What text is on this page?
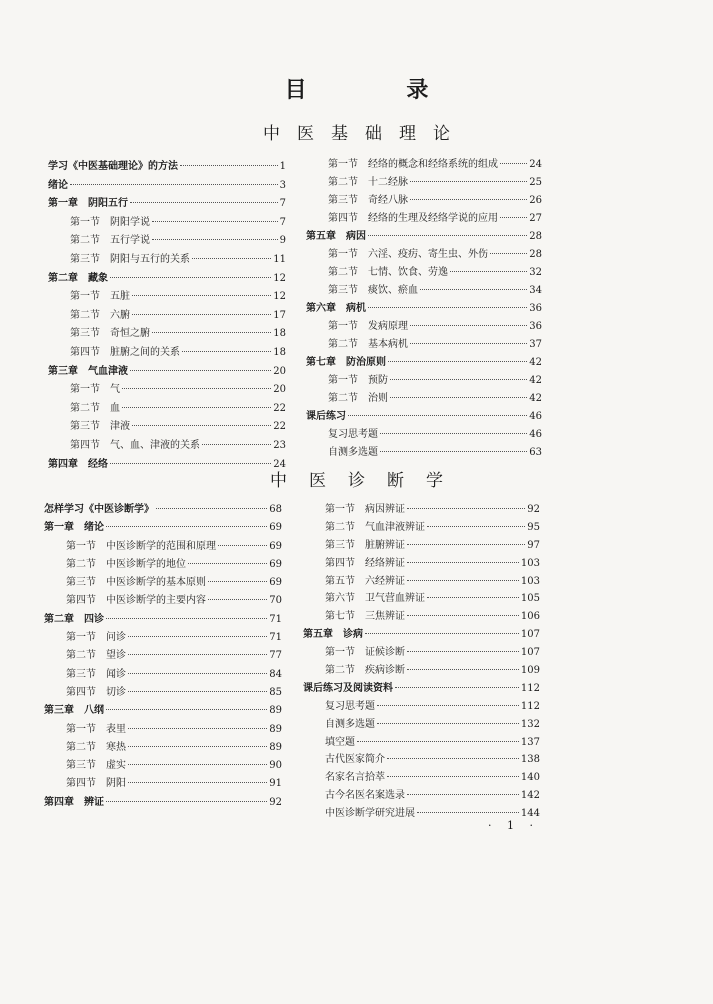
目 录
中医基础理论
中医诊断学
学习《中医基础理论》的方法	1
绪论	3
第一章 阴阳五行	7
第一节 阴阳学说	7
第二节 五行学说	9
第三节 阴阳与五行的关系	11
第二章 藏象	12
第一节 五脏	12
第二节 六腑	17
第三节 奇恒之腑	18
第四节 脏腑之间的关系	18
第三章 气血津液	20
第一节 气	20
第二节 血	22
第三节 津液	22
第四节 气、血、津液的关系	23
第四章 经络	24
第一节 经络的概念和经络系统的组成	24
第二节 十二经脉	25
第三节 奇经八脉	26
第四节 经络的生理及经络学说的应用	27
第五章 病因	28
第一节 六淫、疫疠、寄生虫、外伤	28
第二节 七情、饮食、劳逸	32
第三节 痰饮、瘀血	34
第六章 病机	36
第一节 发病原理	36
第二节 基本病机	37
第七章 防治原则	42
第一节 预防	42
第二节 治则	42
课后练习	46
复习思考题	46
自测多选题	63
怎样学习《中医诊断学》	68
第一章 绪论	69
第一节 中医诊断学的范围和原理	69
第二节 中医诊断学的地位	69
第三节 中医诊断学的基本原则	69
第四节 中医诊断学的主要内容	70
第二章 四诊	71
第一节 问诊	71
第二节 望诊	77
第三节 闻诊	84
第四节 切诊	85
第三章 八纲	89
第一节 表里	89
第二节 寒热	89
第三节 虚实	90
第四节 阴阳	91
第四章 辨证	92
第一节 病因辨证	92
第二节 气血津液辨证	95
第三节 脏腑辨证	97
第四节 经络辨证	103
第五节 六经辨证	103
第六节 卫气营血辨证	105
第七节 三焦辨证	106
第五章 诊病	107
第一节 证候诊断	107
第二节 疾病诊断	109
课后练习及阅读资料	112
复习思考题	112
自测多选题	132
填空题	137
古代医家简介	138
名家名言拾萃	140
古今名医名案选录	142
中医诊断学研究进展	144
· 1 ·
